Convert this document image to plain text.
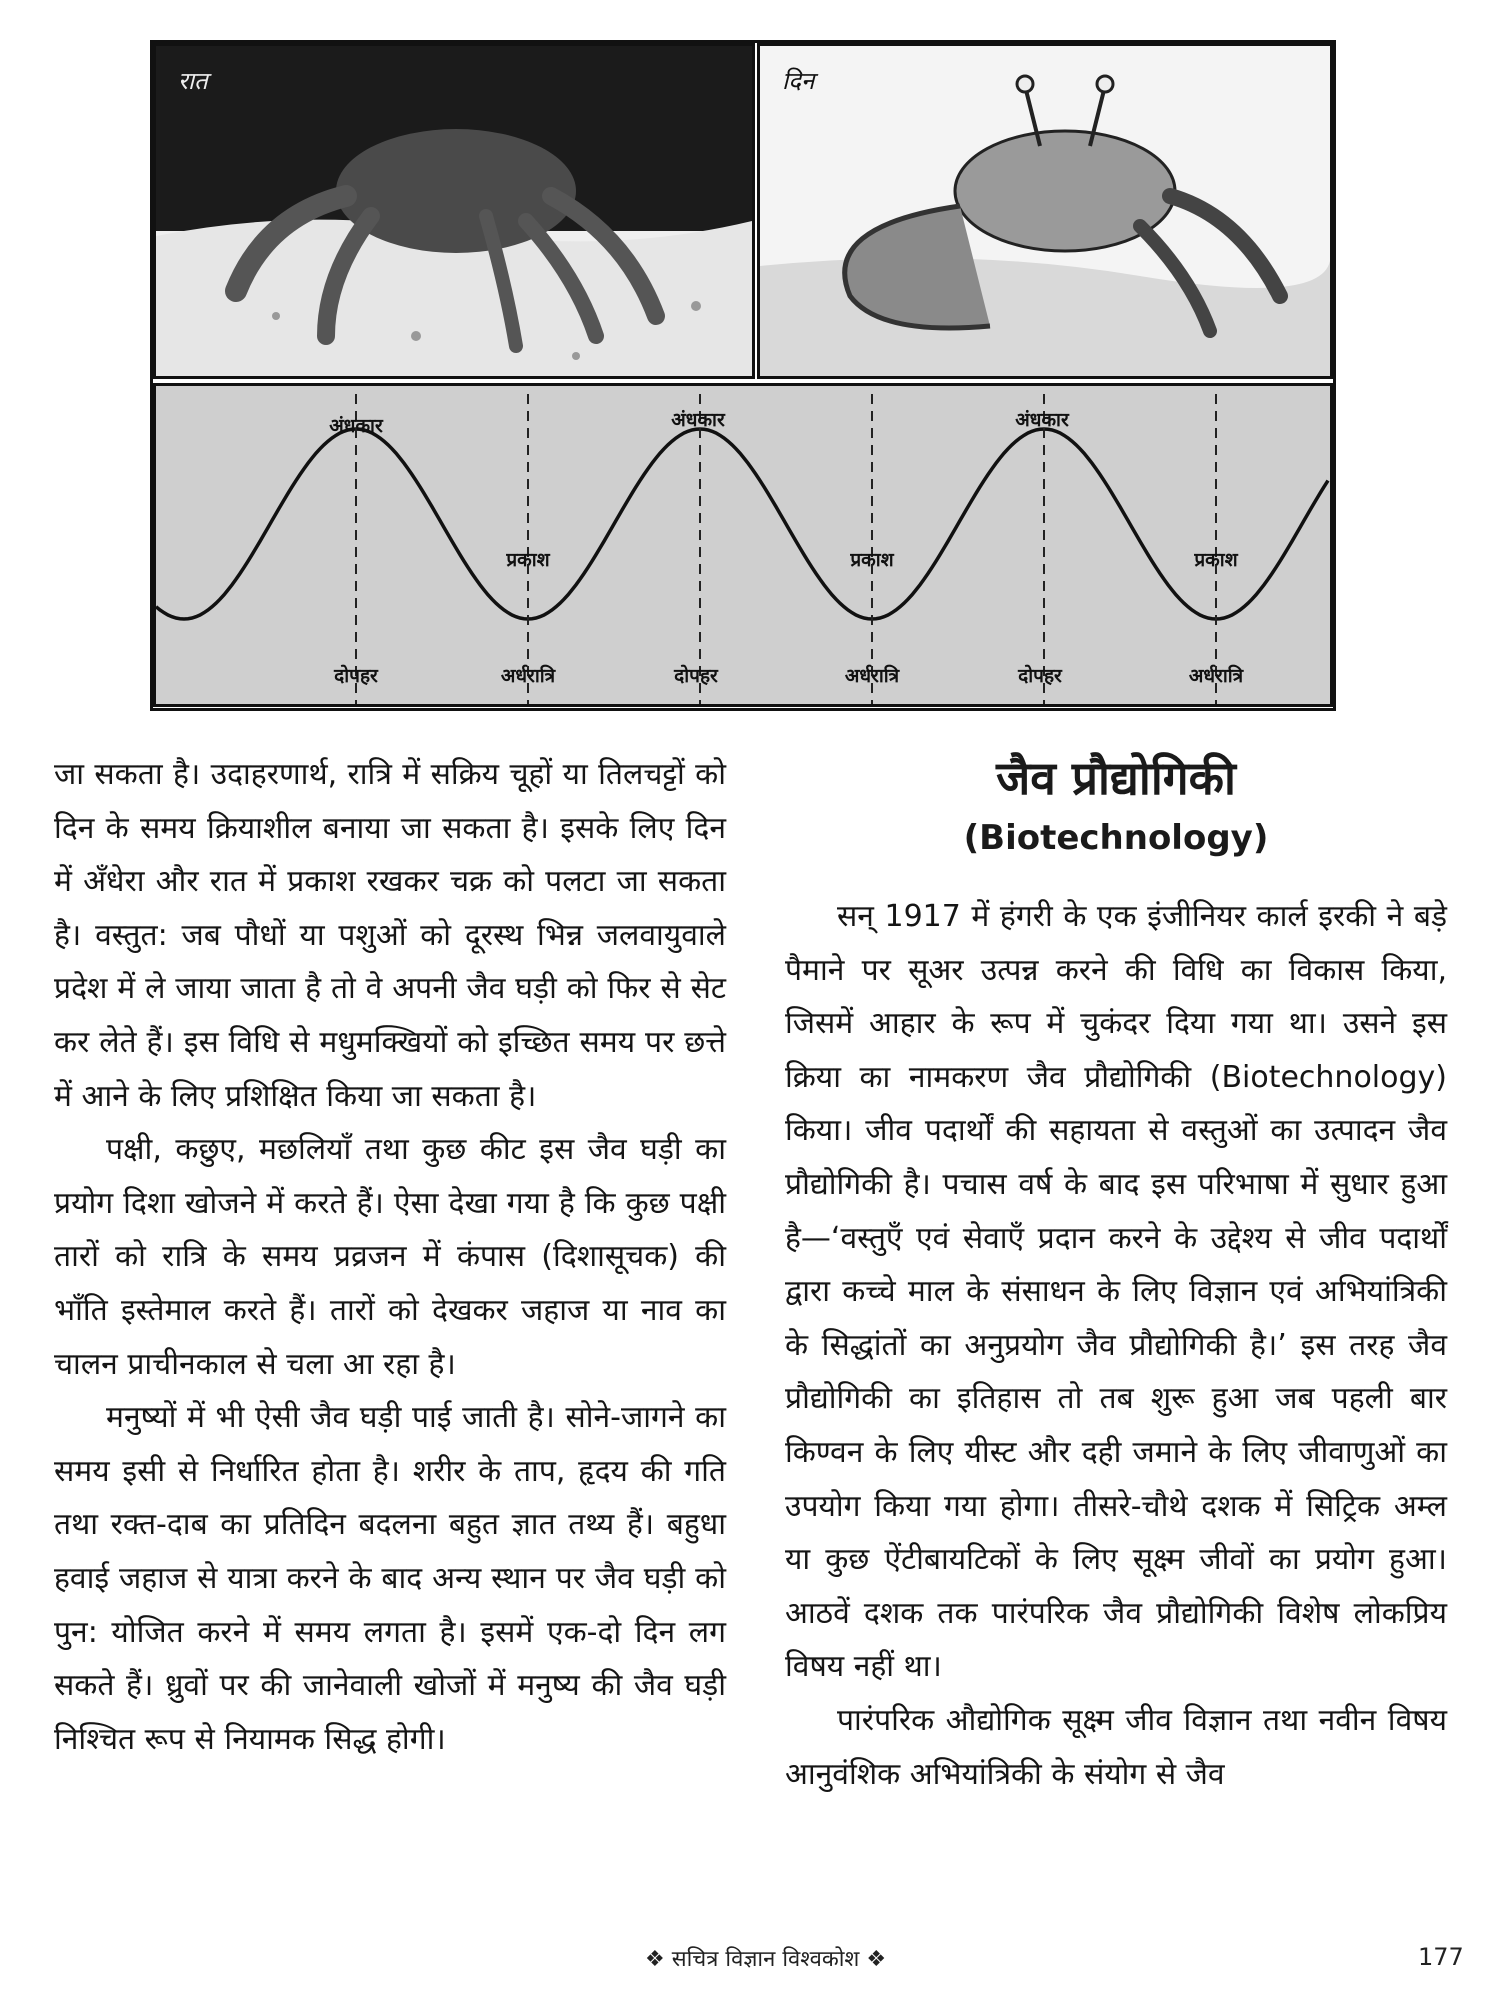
रात	दिन
अंधकार	अंधकार	अंधकार
प्रकाश	प्रकाश	प्रकाश
दोपहर	दोपहर	दोपहर
अर्धरात्रि	अर्धरात्रि	अर्धरात्रि

जा सकता है। उदाहरणार्थ, रात्रि में सक्रिय चूहों या तिलचट्टों को दिन के समय क्रियाशील बनाया जा सकता है। इसके लिए दिन में अँधेरा और रात में प्रकाश रखकर चक्र को पलटा जा सकता है। वस्तुत: जब पौधों या पशुओं को दूरस्थ भिन्न जलवायुवाले प्रदेश में ले जाया जाता है तो वे अपनी जैव घड़ी को फिर से सेट कर लेते हैं। इस विधि से मधुमक्खियों को इच्छित समय पर छत्ते में आने के लिए प्रशिक्षित किया जा सकता है।

पक्षी, कछुए, मछलियाँ तथा कुछ कीट इस जैव घड़ी का प्रयोग दिशा खोजने में करते हैं। ऐसा देखा गया है कि कुछ पक्षी तारों को रात्रि के समय प्रव्रजन में कंपास (दिशासूचक) की भाँति इस्तेमाल करते हैं। तारों को देखकर जहाज या नाव का चालन प्राचीनकाल से चला आ रहा है।

मनुष्यों में भी ऐसी जैव घड़ी पाई जाती है। सोने-जागने का समय इसी से निर्धारित होता है। शरीर के ताप, हृदय की गति तथा रक्त-दाब का प्रतिदिन बदलना बहुत ज्ञात तथ्य हैं। बहुधा हवाई जहाज से यात्रा करने के बाद अन्य स्थान पर जैव घड़ी को पुन: योजित करने में समय लगता है। इसमें एक-दो दिन लग सकते हैं। ध्रुवों पर की जानेवाली खोजों में मनुष्य की जैव घड़ी निश्चित रूप से नियामक सिद्ध होगी।

जैव प्रौद्योगिकी
(Biotechnology)

सन् 1917 में हंगरी के एक इंजीनियर कार्ल इरकी ने बड़े पैमाने पर सूअर उत्पन्न करने की विधि का विकास किया, जिसमें आहार के रूप में चुकंदर दिया गया था। उसने इस क्रिया का नामकरण जैव प्रौद्योगिकी (Biotechnology) किया। जीव पदार्थों की सहायता से वस्तुओं का उत्पादन जैव प्रौद्योगिकी है। पचास वर्ष के बाद इस परिभाषा में सुधार हुआ है—‘वस्तुएँ एवं सेवाएँ प्रदान करने के उद्देश्य से जीव पदार्थों द्वारा कच्चे माल के संसाधन के लिए विज्ञान एवं अभियांत्रिकी के सिद्धांतों का अनुप्रयोग जैव प्रौद्योगिकी है।’ इस तरह जैव प्रौद्योगिकी का इतिहास तो तब शुरू हुआ जब पहली बार किण्वन के लिए यीस्ट और दही जमाने के लिए जीवाणुओं का उपयोग किया गया होगा। तीसरे-चौथे दशक में सिट्रिक अम्ल या कुछ ऐंटीबायटिकों के लिए सूक्ष्म जीवों का प्रयोग हुआ। आठवें दशक तक पारंपरिक जैव प्रौद्योगिकी विशेष लोकप्रिय विषय नहीं था।

पारंपरिक औद्योगिक सूक्ष्म जीव विज्ञान तथा नवीन विषय आनुवंशिक अभियांत्रिकी के संयोग से जैव

❖ सचित्र विज्ञान विश्वकोश ❖	177
